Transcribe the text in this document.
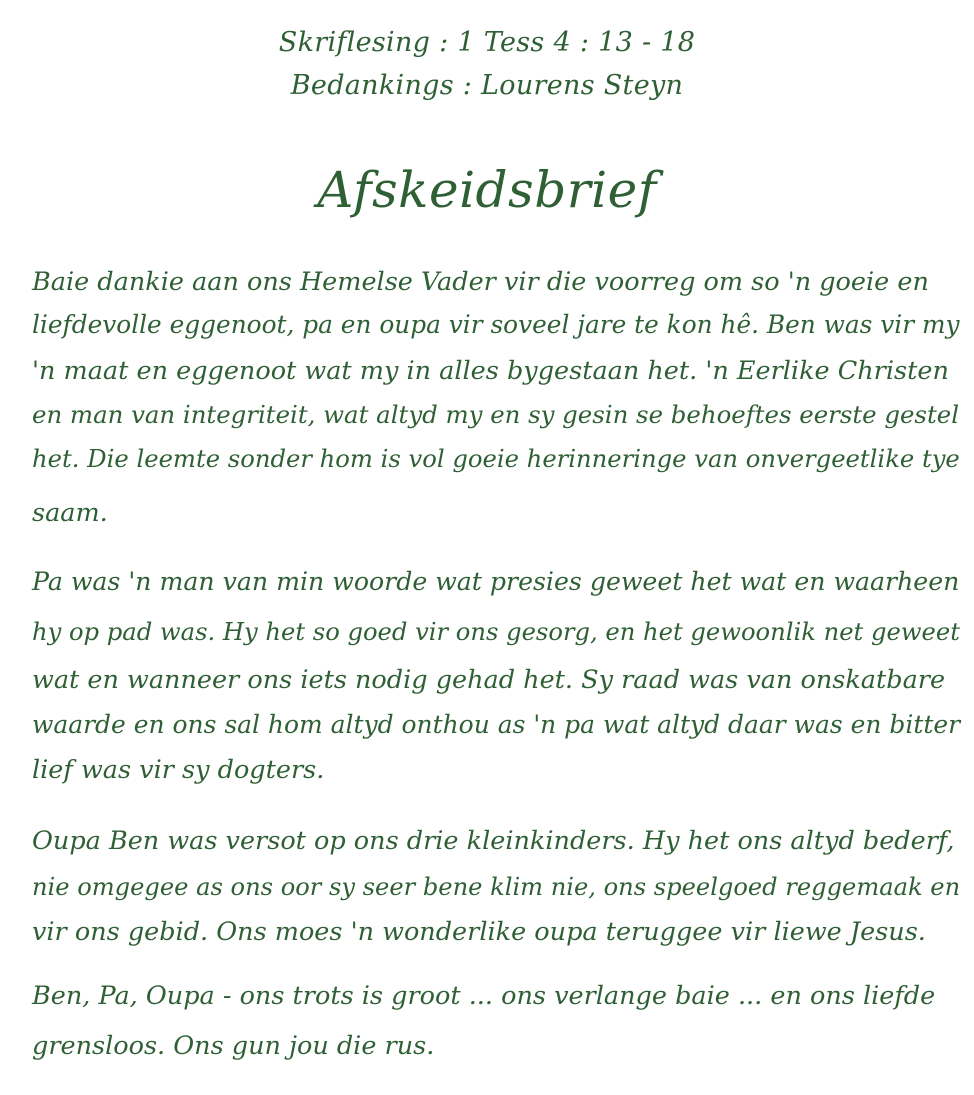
Skriflesing : 1 Tess 4 : 13 - 18
Bedankings : Lourens Steyn
Afskeidsbrief
Baie dankie aan ons Hemelse Vader vir die voorreg om so 'n goeie en
liefdevolle eggenoot, pa en oupa vir soveel jare te kon hê. Ben was vir my
'n maat en eggenoot wat my in alles bygestaan het. 'n Eerlike Christen
en man van integriteit, wat altyd my en sy gesin se behoeftes eerste gestel
het. Die leemte sonder hom is vol goeie herinneringe van onvergeetlike tye
saam.
Pa was 'n man van min woorde wat presies geweet het wat en waarheen
hy op pad was. Hy het so goed vir ons gesorg, en het gewoonlik net geweet
wat en wanneer ons iets nodig gehad het. Sy raad was van onskatbare
waarde en ons sal hom altyd onthou as 'n pa wat altyd daar was en bitter
lief was vir sy dogters.
Oupa Ben was versot op ons drie kleinkinders. Hy het ons altyd bederf,
nie omgegee as ons oor sy seer bene klim nie, ons speelgoed reggemaak en
vir ons gebid. Ons moes 'n wonderlike oupa teruggee vir liewe Jesus.
Ben, Pa, Oupa - ons trots is groot ... ons verlange baie ... en ons liefde
grensloos. Ons gun jou die rus.
